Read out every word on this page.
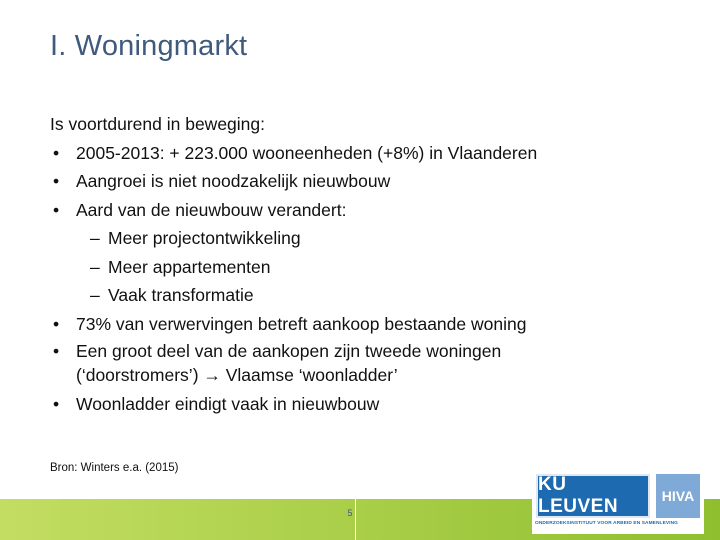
I. Woningmarkt
Is voortdurend in beweging:
• 2005-2013: + 223.000 wooneenheden (+8%) in Vlaanderen
• Aangroei is niet noodzakelijk nieuwbouw
• Aard van de nieuwbouw verandert:
– Meer projectontwikkeling
– Meer appartementen
– Vaak transformatie
• 73% van verwervingen betreft aankoop bestaande woning
• Een groot deel van de aankopen zijn tweede woningen
(‘doorstromers’) → Vlaamse ‘woonladder’
• Woonladder eindigt vaak in nieuwbouw
Bron: Winters e.a. (2015)
5
KU LEUVEN	HIVA
ONDERZOEKSINSTITUUT VOOR ARBEID EN SAMENLEVING
